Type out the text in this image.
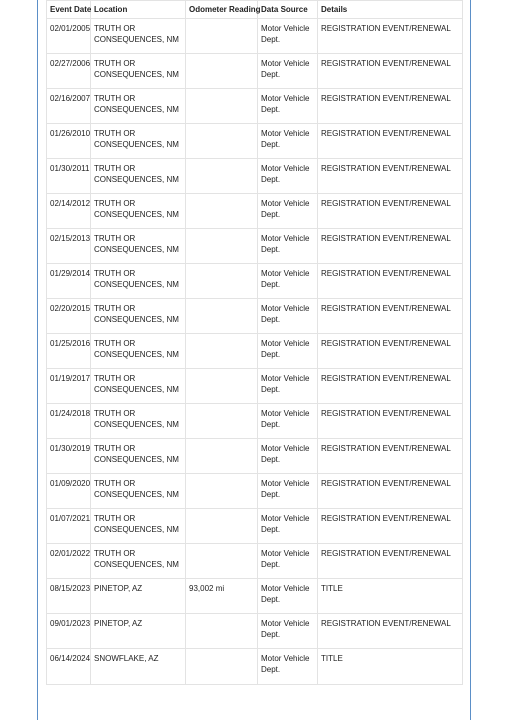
Event Date	Location	Odometer Reading	Data Source	Details
02/01/2005	TRUTH OR CONSEQUENCES, NM		Motor Vehicle Dept.	REGISTRATION EVENT/RENEWAL
02/27/2006	TRUTH OR CONSEQUENCES, NM		Motor Vehicle Dept.	REGISTRATION EVENT/RENEWAL
02/16/2007	TRUTH OR CONSEQUENCES, NM		Motor Vehicle Dept.	REGISTRATION EVENT/RENEWAL
01/26/2010	TRUTH OR CONSEQUENCES, NM		Motor Vehicle Dept.	REGISTRATION EVENT/RENEWAL
01/30/2011	TRUTH OR CONSEQUENCES, NM		Motor Vehicle Dept.	REGISTRATION EVENT/RENEWAL
02/14/2012	TRUTH OR CONSEQUENCES, NM		Motor Vehicle Dept.	REGISTRATION EVENT/RENEWAL
02/15/2013	TRUTH OR CONSEQUENCES, NM		Motor Vehicle Dept.	REGISTRATION EVENT/RENEWAL
01/29/2014	TRUTH OR CONSEQUENCES, NM		Motor Vehicle Dept.	REGISTRATION EVENT/RENEWAL
02/20/2015	TRUTH OR CONSEQUENCES, NM		Motor Vehicle Dept.	REGISTRATION EVENT/RENEWAL
01/25/2016	TRUTH OR CONSEQUENCES, NM		Motor Vehicle Dept.	REGISTRATION EVENT/RENEWAL
01/19/2017	TRUTH OR CONSEQUENCES, NM		Motor Vehicle Dept.	REGISTRATION EVENT/RENEWAL
01/24/2018	TRUTH OR CONSEQUENCES, NM		Motor Vehicle Dept.	REGISTRATION EVENT/RENEWAL
01/30/2019	TRUTH OR CONSEQUENCES, NM		Motor Vehicle Dept.	REGISTRATION EVENT/RENEWAL
01/09/2020	TRUTH OR CONSEQUENCES, NM		Motor Vehicle Dept.	REGISTRATION EVENT/RENEWAL
01/07/2021	TRUTH OR CONSEQUENCES, NM		Motor Vehicle Dept.	REGISTRATION EVENT/RENEWAL
02/01/2022	TRUTH OR CONSEQUENCES, NM		Motor Vehicle Dept.	REGISTRATION EVENT/RENEWAL
08/15/2023	PINETOP, AZ	93,002 mi	Motor Vehicle Dept.	TITLE
09/01/2023	PINETOP, AZ		Motor Vehicle Dept.	REGISTRATION EVENT/RENEWAL
06/14/2024	SNOWFLAKE, AZ		Motor Vehicle Dept.	TITLE
